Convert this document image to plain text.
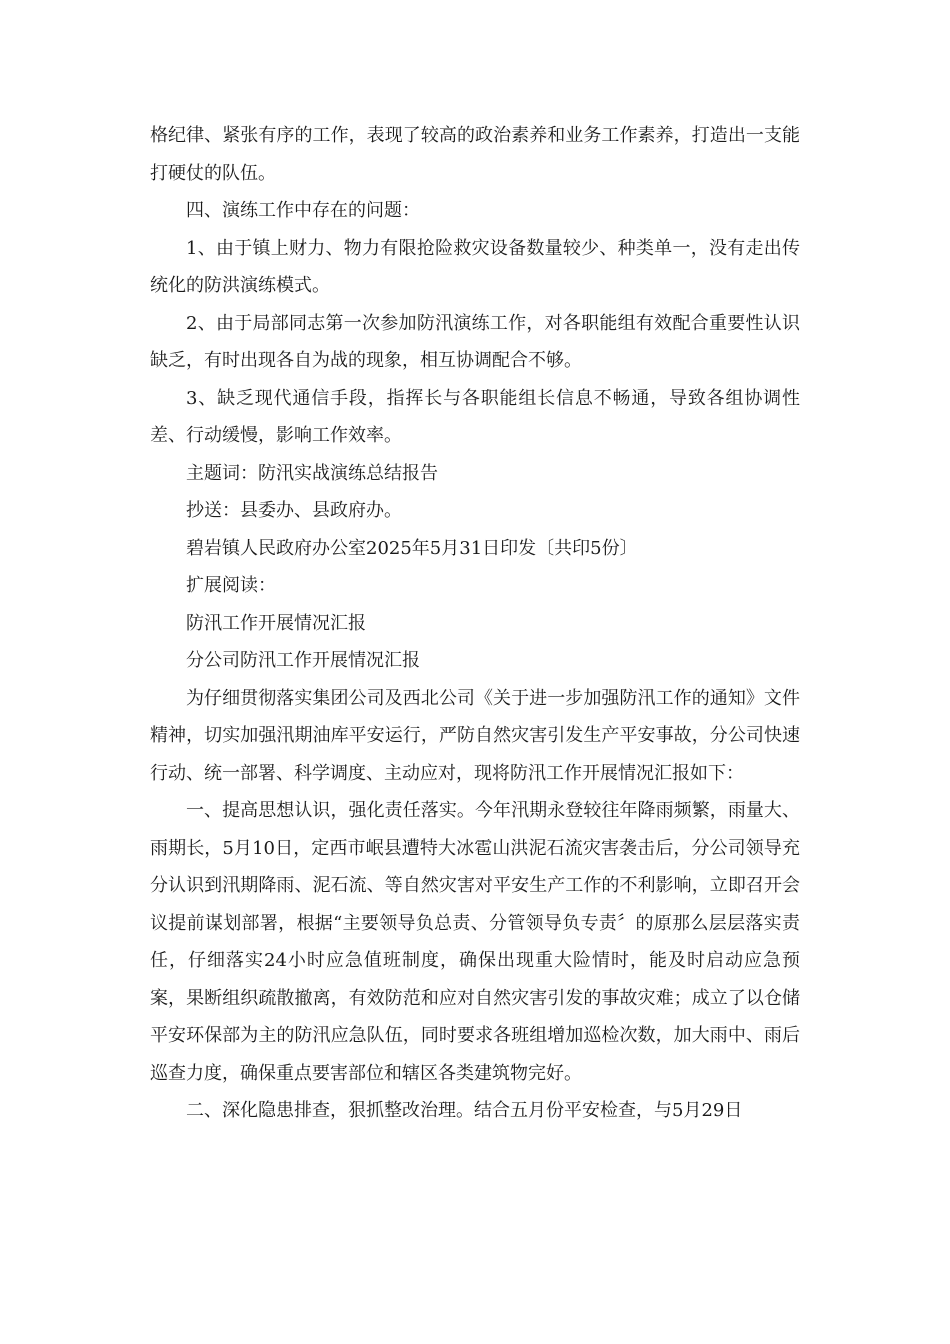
格纪律、紧张有序的工作，表现了较高的政治素养和业务工作素养，打造出一支能打硬仗的队伍。

四、演练工作中存在的问题：

1、由于镇上财力、物力有限抢险救灾设备数量较少、种类单一，没有走出传统化的防洪演练模式。

2、由于局部同志第一次参加防汛演练工作，对各职能组有效配合重要性认识缺乏，有时出现各自为战的现象，相互协调配合不够。

3、缺乏现代通信手段，指挥长与各职能组长信息不畅通，导致各组协调性差、行动缓慢，影响工作效率。

主题词：防汛实战演练总结报告

抄送：县委办、县政府办。

碧岩镇人民政府办公室2025年5月31日印发〔共印5份〕

扩展阅读：

防汛工作开展情况汇报

分公司防汛工作开展情况汇报

为仔细贯彻落实集团公司及西北公司《关于进一步加强防汛工作的通知》文件精神，切实加强汛期油库平安运行，严防自然灾害引发生产平安事故，分公司快速行动、统一部署、科学调度、主动应对，现将防汛工作开展情况汇报如下：

一、提高思想认识，强化责任落实。今年汛期永登较往年降雨频繁，雨量大、雨期长，5月10日，定西市岷县遭特大冰雹山洪泥石流灾害袭击后，分公司领导充分认识到汛期降雨、泥石流、等自然灾害对平安生产工作的不利影响，立即召开会议提前谋划部署，根据“主要领导负总责、分管领导负专责〞的原那么层层落实责任，仔细落实24小时应急值班制度，确保出现重大险情时，能及时启动应急预案，果断组织疏散撤离，有效防范和应对自然灾害引发的事故灾难；成立了以仓储平安环保部为主的防汛应急队伍，同时要求各班组增加巡检次数，加大雨中、雨后巡查力度，确保重点要害部位和辖区各类建筑物完好。

二、深化隐患排查，狠抓整改治理。结合五月份平安检查，与5月29日
